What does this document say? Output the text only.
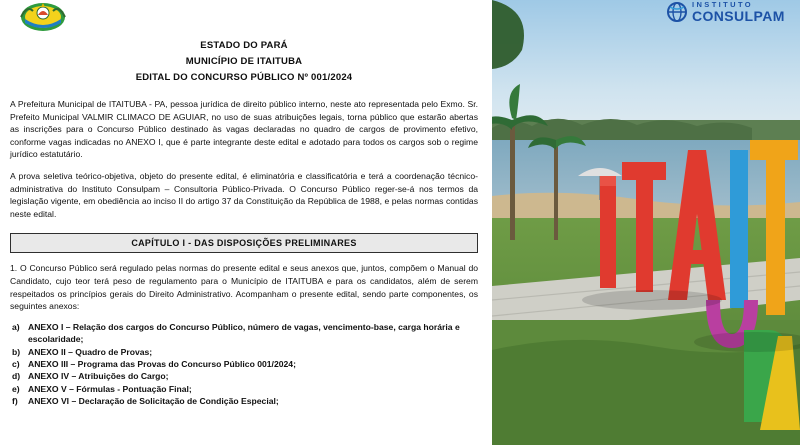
ESTADO DO PARÁ
MUNICÍPIO DE ITAITUBA
EDITAL DO CONCURSO PÚBLICO Nº 001/2024

A Prefeitura Municipal de ITAITUBA - PA, pessoa jurídica de direito público interno, neste ato representada pelo Exmo. Sr. Prefeito Municipal VALMIR CLIMACO DE AGUIAR, no uso de suas atribuições legais, torna público que estarão abertas as inscrições para o Concurso Público destinado às vagas declaradas no quadro de cargos de provimento efetivo, conforme vagas indicadas no ANEXO I, que é parte integrante deste edital e adotado para todos os cargos sob o regime jurídico estatutário.

A prova seletiva teórico-objetiva, objeto do presente edital, é eliminatória e classificatória e terá a coordenação técnico-administrativa do Instituto Consulpam – Consultoria Público-Privada. O Concurso Público reger-se-á nos termos da legislação vigente, em obediência ao inciso II do artigo 37 da Constituição da República de 1988, e pelas normas contidas neste edital.

CAPÍTULO I - DAS DISPOSIÇÕES PRELIMINARES

1. O Concurso Público será regulado pelas normas do presente edital e seus anexos que, juntos, compõem o Manual do Candidato, cujo teor terá peso de regulamento para o Município de ITAITUBA e para os candidatos, além de serem respeitados os princípios gerais do Direito Administrativo. Acompanham o presente edital, sendo parte componentes, os seguintes anexos:

a) ANEXO I – Relação dos cargos do Concurso Público, número de vagas, vencimento-base, carga horária e escolaridade;
b) ANEXO II – Quadro de Provas;
c) ANEXO III – Programa das Provas do Concurso Público 001/2024;
d) ANEXO IV – Atribuições do Cargo;
e) ANEXO V – Fórmulas - Pontuação Final;
f) ANEXO VI – Declaração de Solicitação de Condição Especial;
INSTITUTO
CONSULPAM
